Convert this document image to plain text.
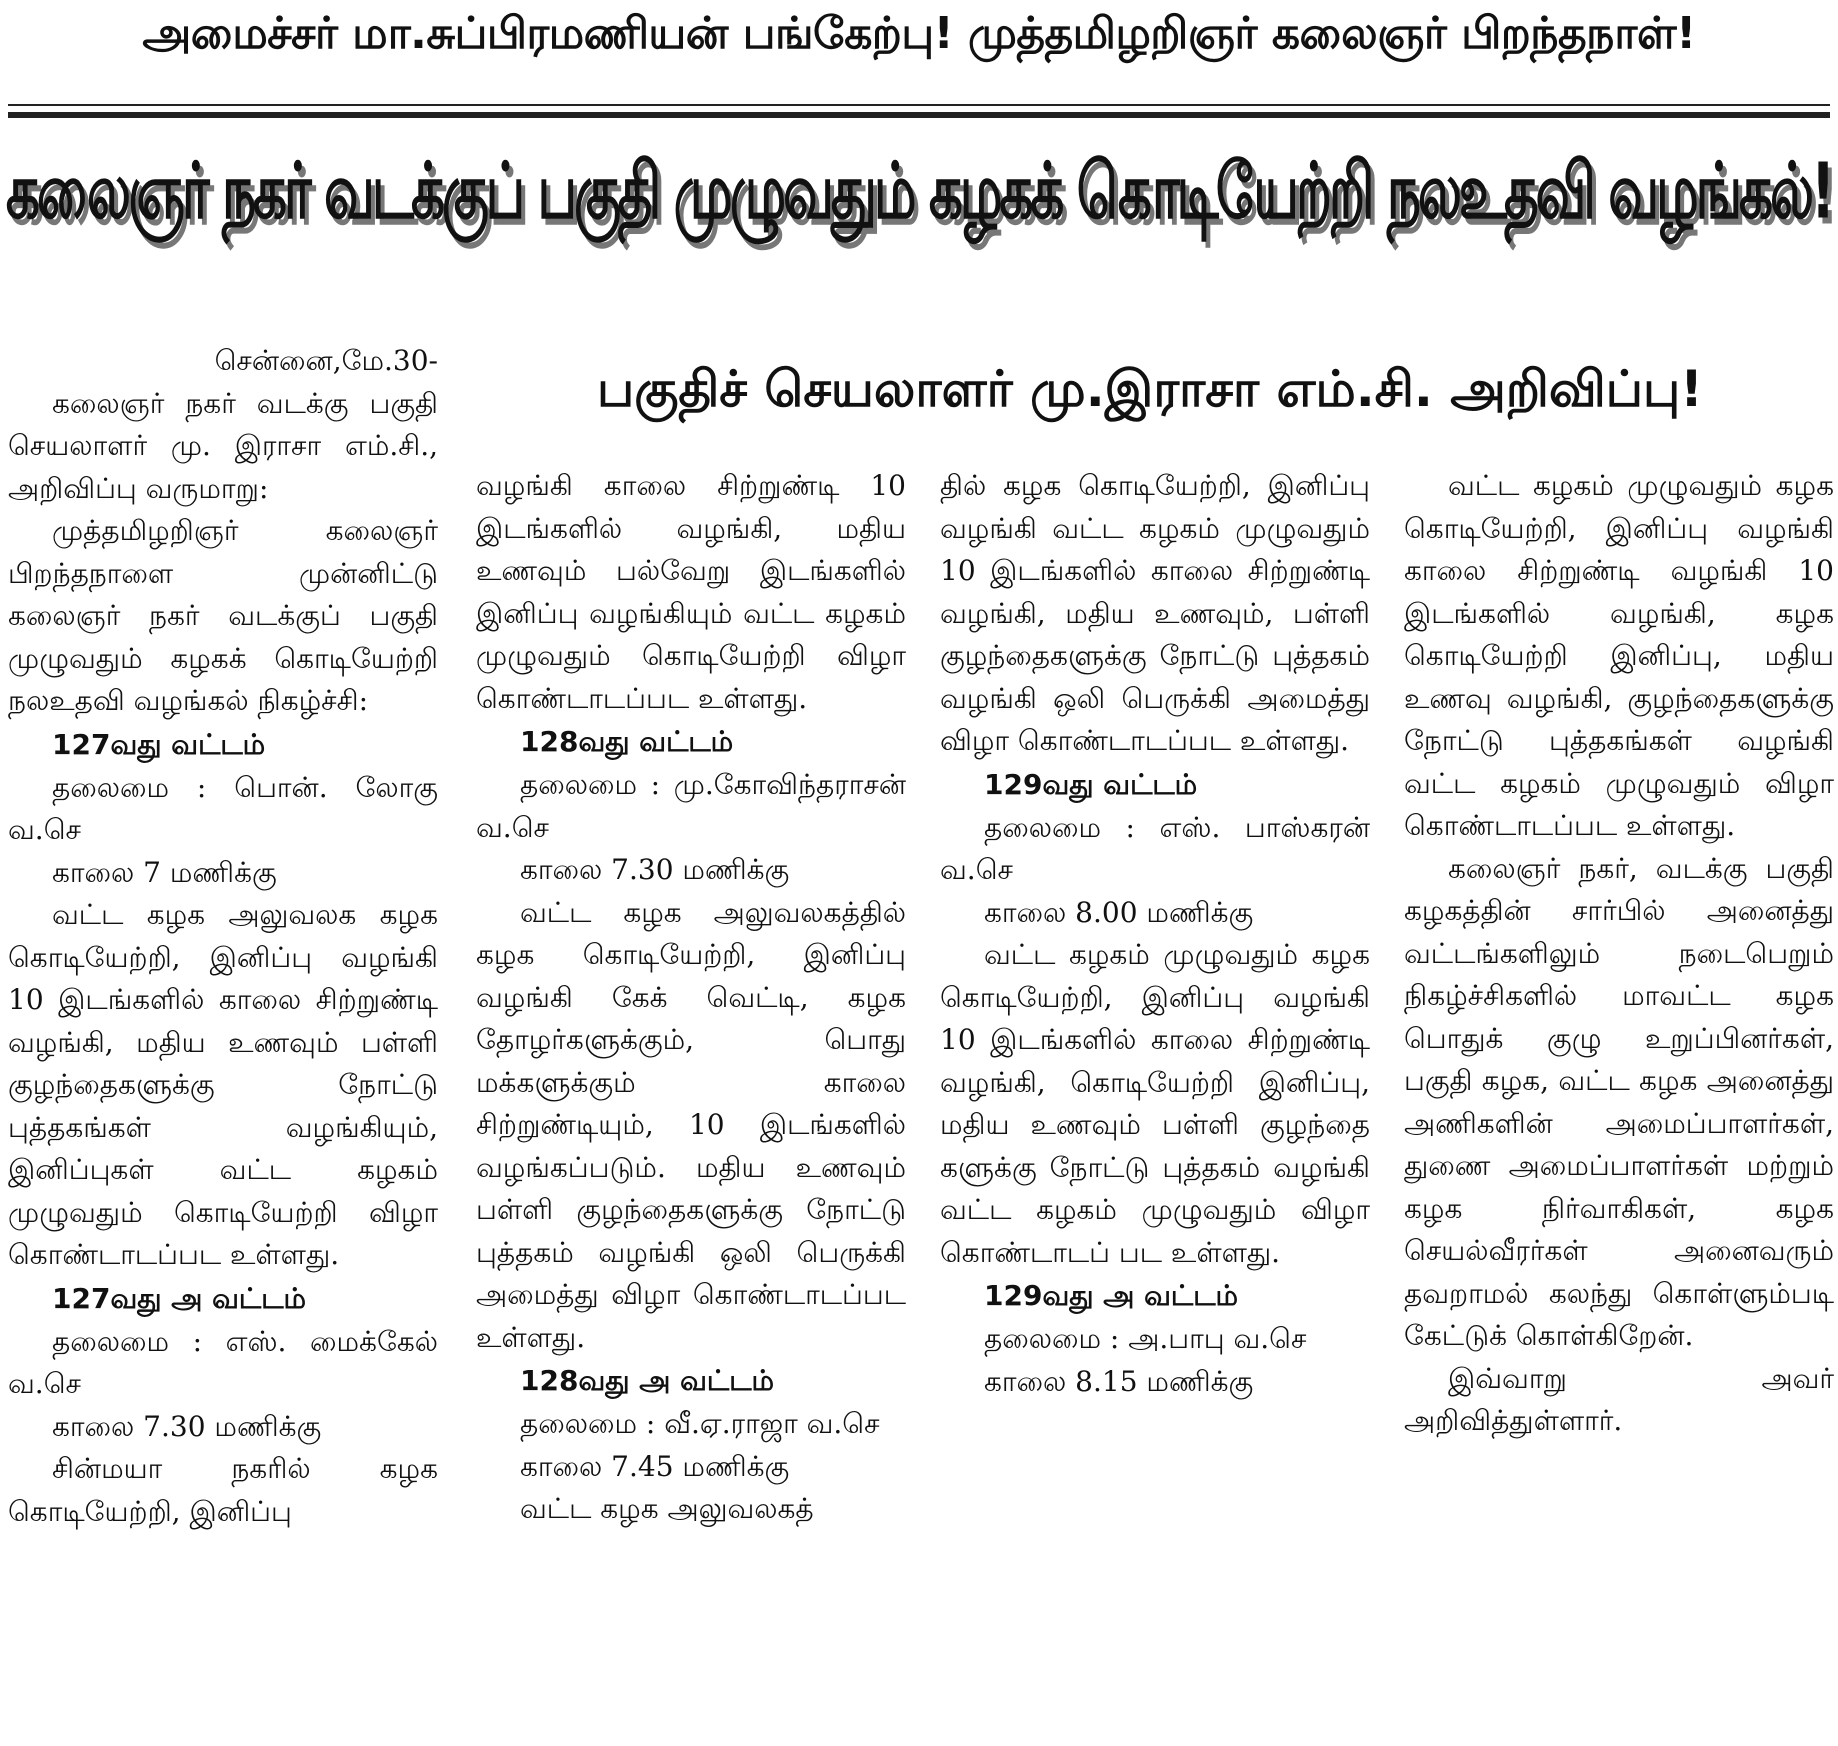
அமைச்சர் மா.சுப்பிரமணியன் பங்கேற்பு! முத்தமிழறிஞர் கலைஞர் பிறந்தநாள்!
கலைஞர் நகர் வடக்குப் பகுதி முழுவதும் கழகக் கொடியேற்றி நலஉதவி வழங்கல்!
பகுதிச் செயலாளர் மு.இராசா எம்.சி. அறிவிப்பு!

சென்னை,மே.30-

கலைஞர் நகர் வடக்கு பகுதி செயலாளர் மு. இராசா எம்.சி., அறிவிப்பு வருமாறு:

முத்தமிழறிஞர் கலைஞர் பிறந்தநாளை முன்னிட்டு கலைஞர் நகர் வடக்குப் பகுதி முழுவதும் கழகக் கொடியேற்றி நலஉதவி வழங்கல் நிகழ்ச்சி:

127வது வட்டம்

தலைமை : பொன். லோகு வ.செ

காலை 7 மணிக்கு

வட்ட கழக அலுவலக கழக கொடியேற்றி, இனிப்பு வழங்கி 10 இடங்களில் காலை சிற்றுண்டி வழங்கி, மதிய உணவும் பள்ளி குழந்தைகளுக்கு நோட்டு புத்தகங்கள் வழங்கியும், இனிப்புகள் வட்ட கழகம் முழுவதும் கொடியேற்றி விழா கொண்டாடப்பட உள்ளது.

127வது அ வட்டம்

தலைமை : எஸ். மைக்கேல் வ.செ

காலை 7.30 மணிக்கு

சின்மயா நகரில் கழக கொடியேற்றி, இனிப்பு

வழங்கி காலை சிற்றுண்டி 10 இடங்களில் வழங்கி, மதிய உணவும் பல்வேறு இடங்களில் இனிப்பு வழங்கியும் வட்ட கழகம் முழுவதும் கொடியேற்றி விழா கொண்டாடப்பட உள்ளது.

128வது வட்டம்

தலைமை : மு.கோவிந்தராசன் வ.செ

காலை 7.30 மணிக்கு

வட்ட கழக அலுவலகத்தில் கழக கொடியேற்றி, இனிப்பு வழங்கி கேக் வெட்டி, கழக தோழர்களுக்கும், பொது மக்களுக்கும் காலை சிற்றுண்டியும், 10 இடங்களில் வழங்கப்படும். மதிய உணவும் பள்ளி குழந்தைகளுக்கு நோட்டு புத்தகம் வழங்கி ஒலி பெருக்கி அமைத்து விழா கொண்டாடப்பட உள்ளது.

128வது அ வட்டம்

தலைமை : வீ.ஏ.ராஜா வ.செ

காலை 7.45 மணிக்கு

வட்ட கழக அலுவலகத்

தில் கழக கொடியேற்றி, இனிப்பு வழங்கி வட்ட கழகம் முழுவதும் 10 இடங்களில் காலை சிற்றுண்டி வழங்கி, மதிய உணவும், பள்ளி குழந்தைகளுக்கு நோட்டு புத்தகம் வழங்கி ஒலி பெருக்கி அமைத்து விழா கொண்டாடப்பட உள்ளது.

129வது வட்டம்

தலைமை : எஸ். பாஸ்கரன் வ.செ

காலை 8.00 மணிக்கு

வட்ட கழகம் முழுவதும் கழக கொடியேற்றி, இனிப்பு வழங்கி 10 இடங்களில் காலை சிற்றுண்டி வழங்கி, கொடியேற்றி இனிப்பு, மதிய உணவும் பள்ளி குழந்தை களுக்கு நோட்டு புத்தகம் வழங்கி வட்ட கழகம் முழுவதும் விழா கொண்டாடப் பட உள்ளது.

129வது அ வட்டம்

தலைமை : அ.பாபு வ.செ

காலை 8.15 மணிக்கு

வட்ட கழகம் முழுவதும் கழக கொடியேற்றி, இனிப்பு வழங்கி காலை சிற்றுண்டி வழங்கி 10 இடங்களில் வழங்கி, கழக கொடியேற்றி இனிப்பு, மதிய உணவு வழங்கி, குழந்தைகளுக்கு நோட்டு புத்தகங்கள் வழங்கி வட்ட கழகம் முழுவதும் விழா கொண்டாடப்பட உள்ளது.

கலைஞர் நகர், வடக்கு பகுதி கழகத்தின் சார்பில் அனைத்து வட்டங்களிலும் நடைபெறும் நிகழ்ச்சிகளில் மாவட்ட கழக பொதுக் குழு உறுப்பினர்கள், பகுதி கழக, வட்ட கழக அனைத்து அணிகளின் அமைப்பாளர்கள், துணை அமைப்பாளர்கள் மற்றும் கழக நிர்வாகிகள், கழக செயல்வீரர்கள் அனைவரும் தவறாமல் கலந்து கொள்ளும்படி கேட்டுக் கொள்கிறேன்.

இவ்வாறு அவர் அறிவித்துள்ளார்.
